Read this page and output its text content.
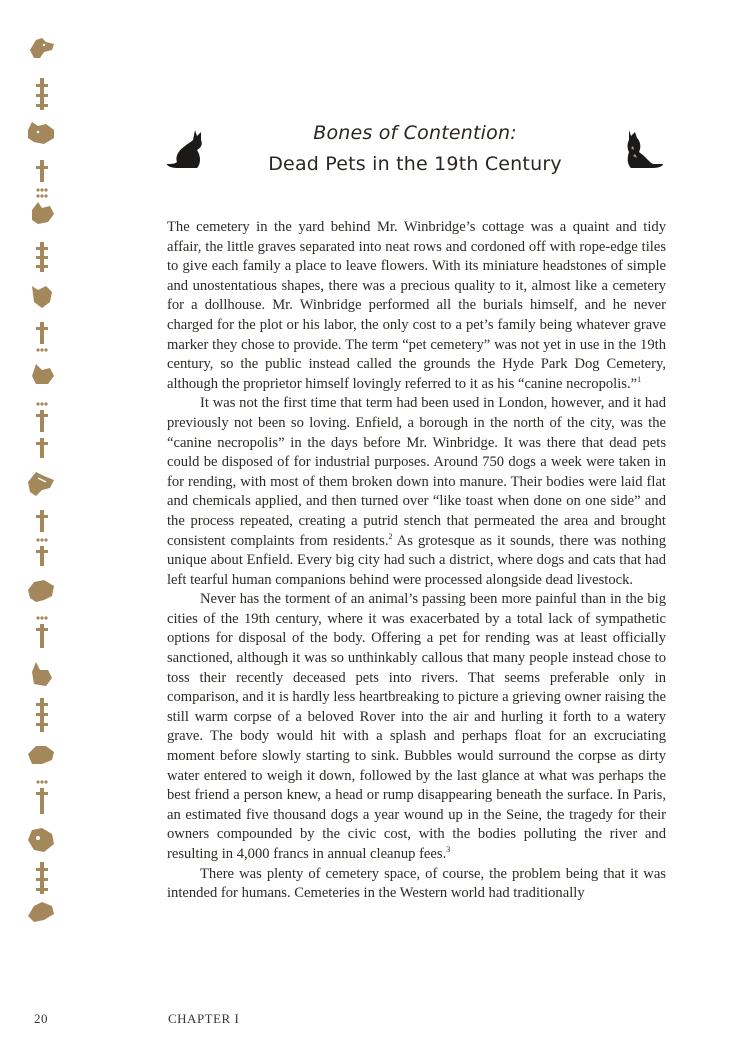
Bones of Contention:
Dead Pets in the 19th Century

The cemetery in the yard behind Mr. Winbridge’s cottage was a quaint and tidy affair, the little graves separated into neat rows and cordoned off with rope-edge tiles to give each family a place to leave flowers. With its miniature headstones of simple and unostentatious shapes, there was a precious quality to it, almost like a cemetery for a dollhouse. Mr. Winbridge performed all the burials himself, and he never charged for the plot or his labor, the only cost to a pet’s family being whatever grave marker they chose to provide. The term “pet cemetery” was not yet in use in the 19th century, so the public instead called the grounds the Hyde Park Dog Cemetery, although the proprietor himself lovingly referred to it as his “canine necropolis.”$^1$

It was not the first time that term had been used in London, however, and it had previously not been so loving. Enfield, a borough in the north of the city, was the “canine necropolis” in the days before Mr. Winbridge. It was there that dead pets could be disposed of for industrial purposes. Around 750 dogs a week were taken in for rending, with most of them broken down into manure. Their bodies were laid flat and chemicals applied, and then turned over “like toast when done on one side” and the process repeated, creating a putrid stench that permeated the area and brought consistent complaints from residents.$^2$ As grotesque as it sounds, there was nothing unique about Enfield. Every big city had such a district, where dogs and cats that had left tearful human companions behind were processed alongside dead livestock.

Never has the torment of an animal’s passing been more painful than in the big cities of the 19th century, where it was exacerbated by a total lack of sympathetic options for disposal of the body. Offering a pet for rending was at least officially sanctioned, although it was so unthinkably callous that many people instead chose to toss their recently deceased pets into rivers. That seems preferable only in comparison, and it is hardly less heartbreaking to picture a grieving owner raising the still warm corpse of a beloved Rover into the air and hurling it forth to a watery grave. The body would hit with a splash and perhaps float for an excruciating moment before slowly starting to sink. Bubbles would surround the corpse as dirty water entered to weigh it down, followed by the last glance at what was perhaps the best friend a person knew, a head or rump disappearing beneath the surface. In Paris, an estimated five thousand dogs a year wound up in the Seine, the tragedy for their owners compounded by the civic cost, with the bodies polluting the river and resulting in 4,000 francs in annual cleanup fees.$^3$

There was plenty of cemetery space, of course, the problem being that it was intended for humans. Cemeteries in the Western world had traditionally

20	CHAPTER I
